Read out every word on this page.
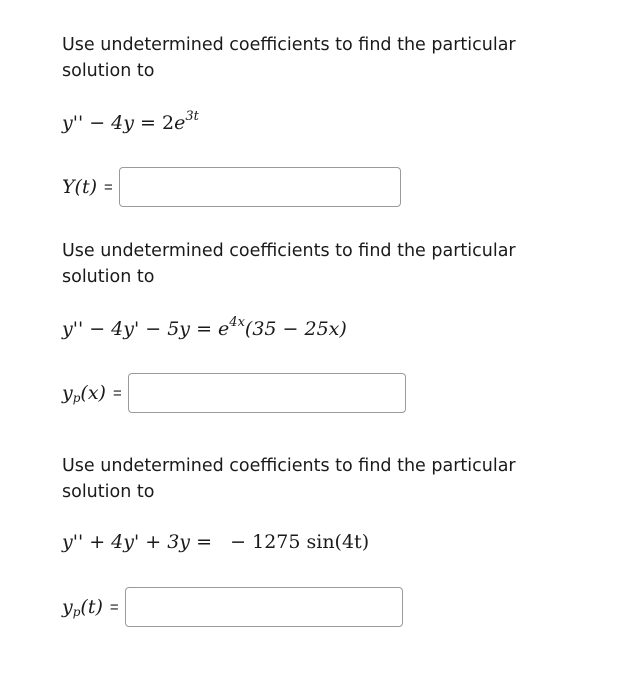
Use undetermined coefficients to find the particular solution to

$y'' - 4y = 2e^{3t}$
Y(t) =

Use undetermined coefficients to find the particular solution to

$y'' - 4y' - 5y = e^{4x}(35 - 25x)$
$y_p(x)$ =

Use undetermined coefficients to find the particular solution to

y'' + 4y' + 3y =   − 1275 sin(4t)
$y_p(t)$ =
